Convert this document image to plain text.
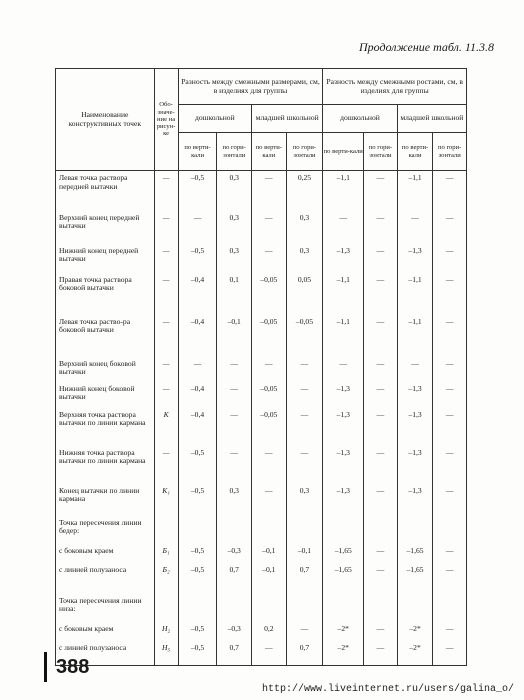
Продолжение табл. 11.3.8
Наименование конструктивных точек	Обо-значе-ние на рисун-ке	Разность между смежными размерами, см, в изделиях для группы				Разность между смежными ростами, см, в изделиях для группы			
		дошкольной		младшей школьной		дошкольной		младшей школьной	
		по верти-кали	по гори-зонтали	по верти-кали	по гори-зонтали	по верти-кали	по гори-зонтали	по верти-кали	по гори-зонтали
Левая точка раствора передней вытачки	—	–0,5	0,3	—	0,25	–1,1	—	–1,1	—
Верхний конец передней вытачки	—	—	0,3	—	0,3	—	—	—	—
Нижний конец передней вытачки	—	–0,5	0,3	—	0,3	–1,3	—	–1,3	—
Правая точка раствора боковой вытачки	—	–0,4	0,1	–0,05	0,05	–1,1	—	–1,1	—
Левая точка раство-ра боковой вытачки	—	–0,4	–0,1	–0,05	–0,05	–1,1	—	–1,1	—
Верхний конец боковой вытачки	—	—	—	—	—	—	—	—	—
Нижний конец боковой вытачки	—	–0,4	—	–0,05	—	–1,3	—	–1,3	—
Верхняя точка раствора вытачки по линии кармана	К	–0,4	—	–0,05	—	–1,3	—	–1,3	—
Нижняя точка раствора вытачки по линии кармана	—	–0,5	—	—	—	–1,3	—	–1,3	—
Конец вытачки по линии кармана	К₁	–0,5	0,3	—	0,3	–1,3	—	–1,3	—
Точка пересечения линии бедер:									
с боковым краем	Б₁	–0,5	–0,3	–0,1	–0,1	–1,65	—	–1,65	—
с линией полузаноса	Б₂	–0,5	0,7	–0,1	0,7	–1,65	—	–1,65	—
Точка пересечения линии низа:									
с боковым краем	Н₂	–0,5	–0,3	0,2	—	–2*	—	–2*	—
с линией полузаноса	Н₅	–0,5	0,7	—	0,7	–2*	—	–2*	—
388
http://www.liveinternet.ru/users/galina_o/
